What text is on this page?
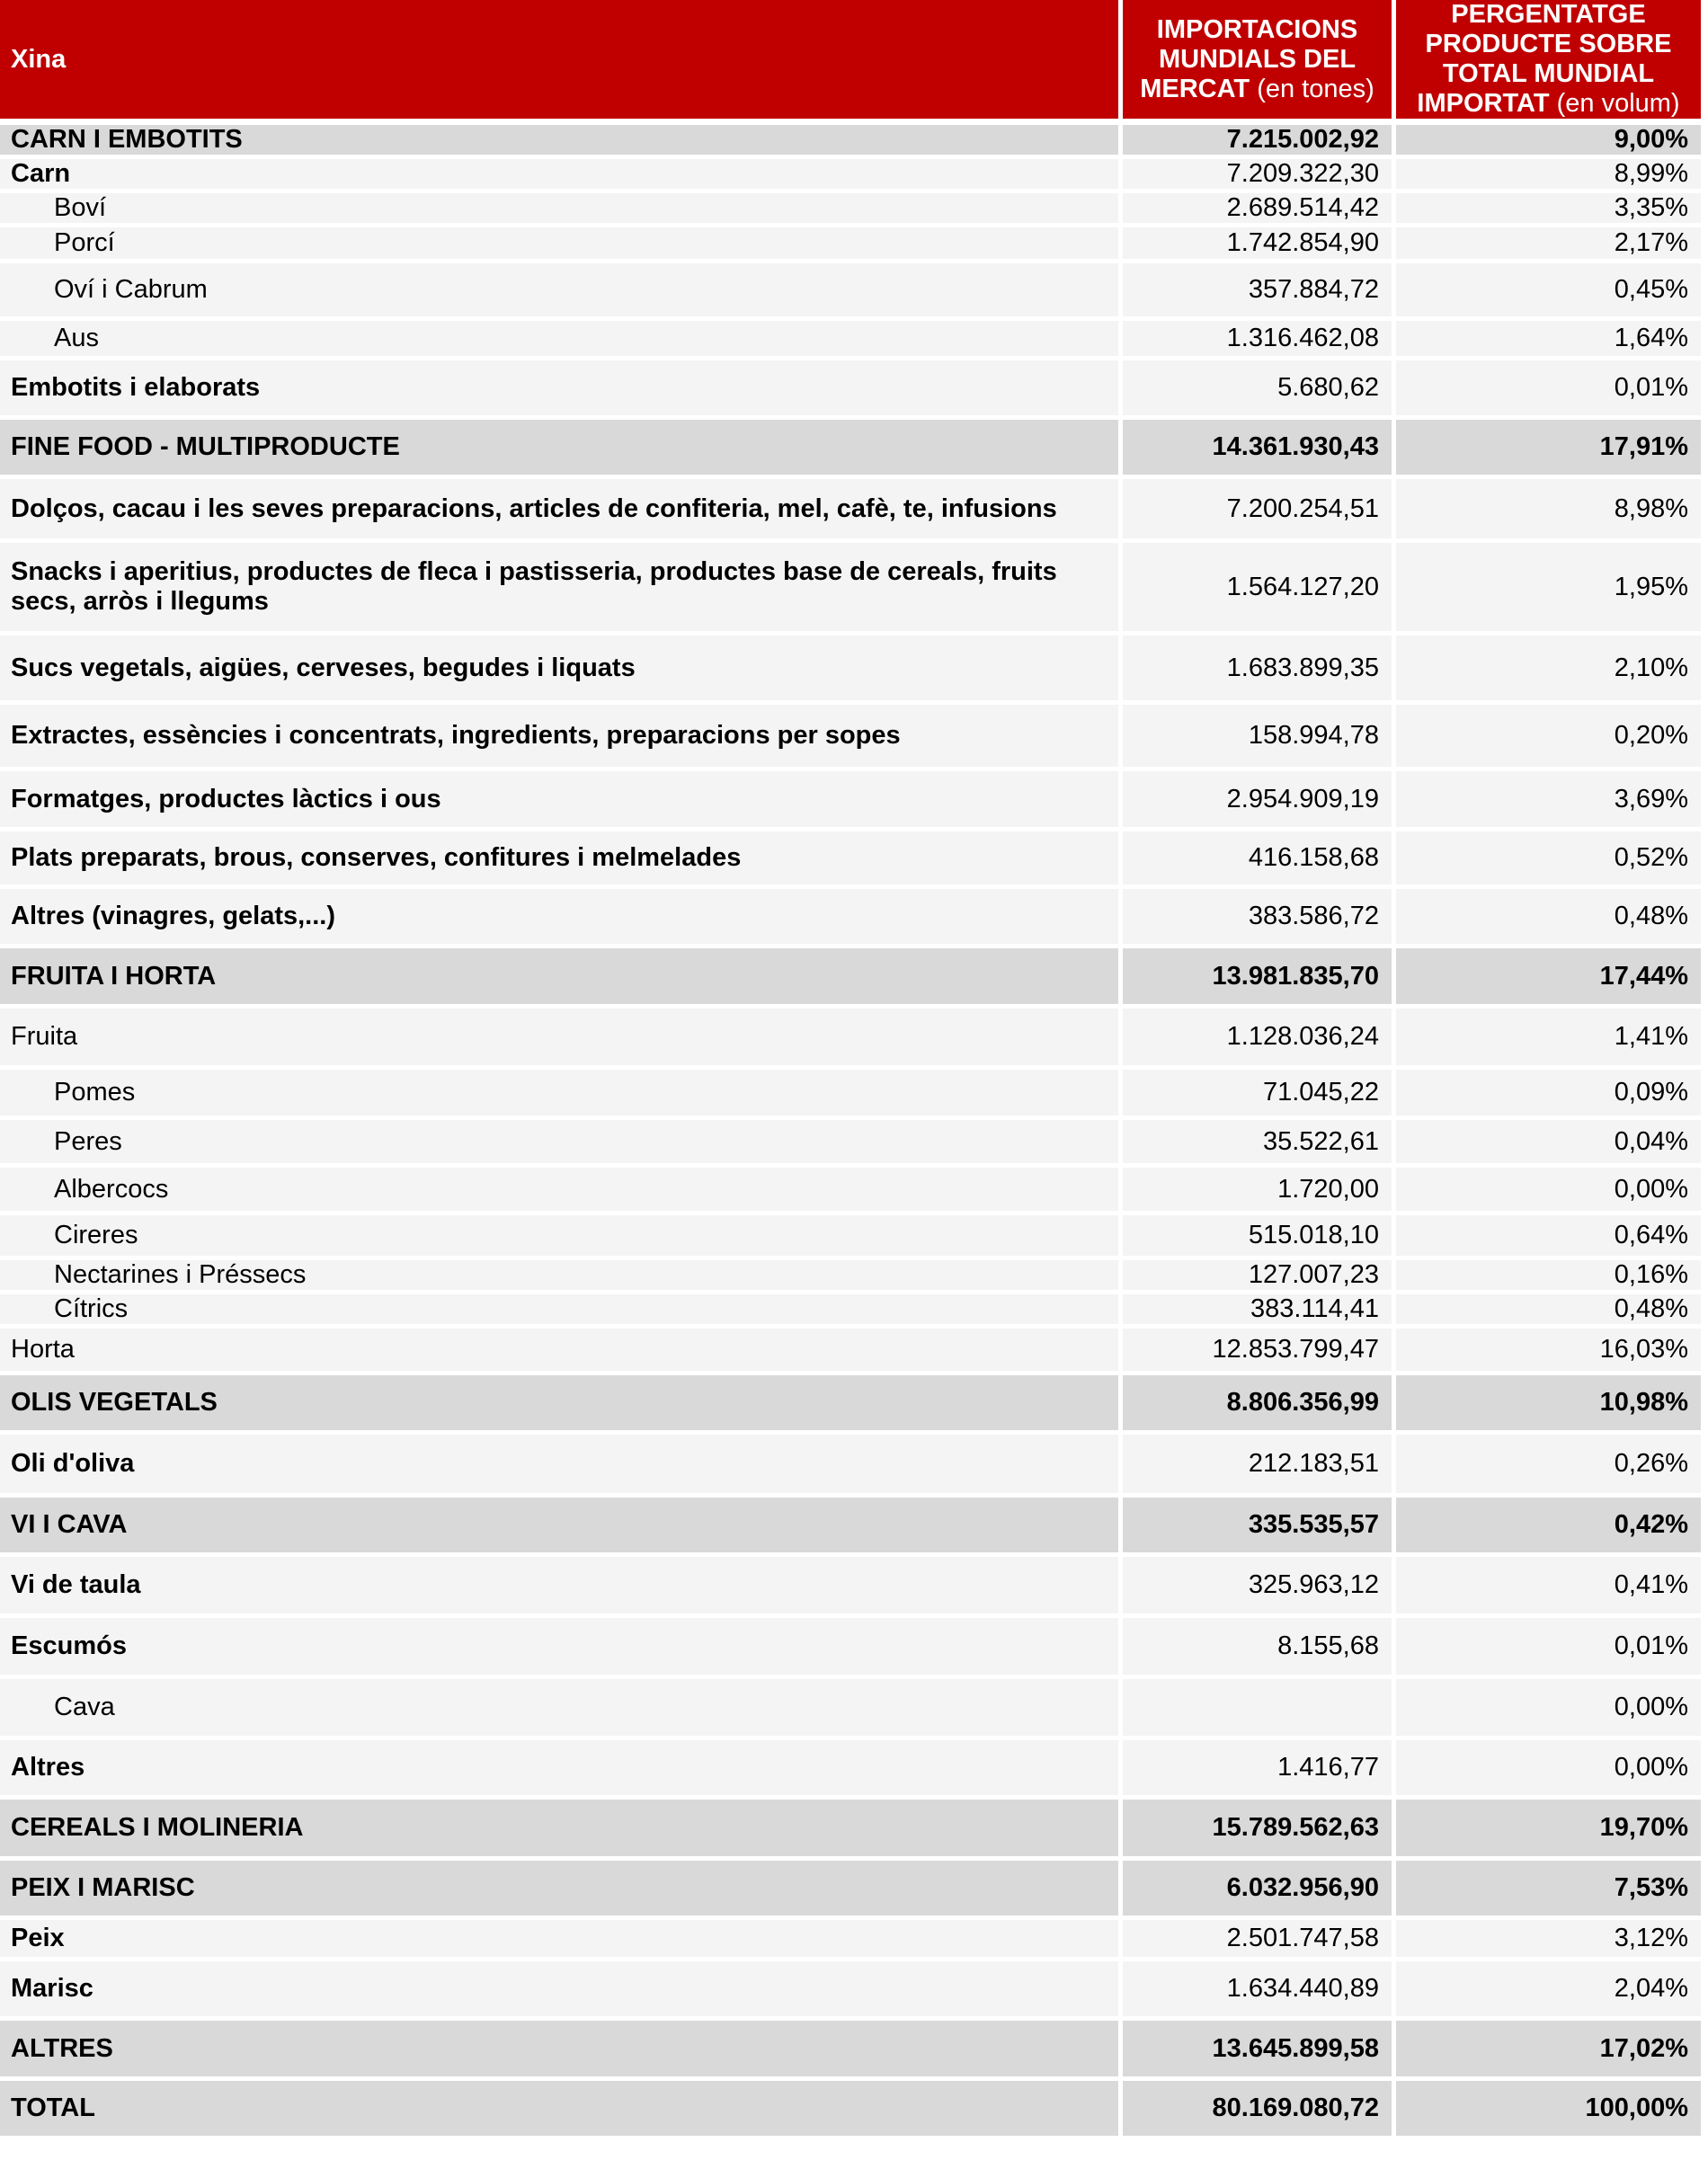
Xina	IMPORTACIONS MUNDIALS DEL MERCAT (en tones)	PERGENTATGE PRODUCTE SOBRE TOTAL MUNDIAL IMPORTAT (en volum)
CARN I EMBOTITS	7.215.002,92	9,00%
Carn	7.209.322,30	8,99%
Boví	2.689.514,42	3,35%
Porcí	1.742.854,90	2,17%
Oví i Cabrum	357.884,72	0,45%
Aus	1.316.462,08	1,64%
Embotits i elaborats	5.680,62	0,01%
FINE FOOD - MULTIPRODUCTE	14.361.930,43	17,91%
Dolços, cacau i les seves preparacions, articles de confiteria, mel, cafè, te, infusions	7.200.254,51	8,98%
Snacks i aperitius, productes de fleca i pastisseria, productes base de cereals, fruits secs, arròs i llegums	1.564.127,20	1,95%
Sucs vegetals, aigües, cerveses, begudes i liquats	1.683.899,35	2,10%
Extractes, essències i concentrats, ingredients, preparacions per sopes	158.994,78	0,20%
Formatges, productes làctics i ous	2.954.909,19	3,69%
Plats preparats, brous, conserves, confitures i melmelades	416.158,68	0,52%
Altres (vinagres, gelats,...)	383.586,72	0,48%
FRUITA I HORTA	13.981.835,70	17,44%
Fruita	1.128.036,24	1,41%
Pomes	71.045,22	0,09%
Peres	35.522,61	0,04%
Albercocs	1.720,00	0,00%
Cireres	515.018,10	0,64%
Nectarines i Préssecs	127.007,23	0,16%
Cítrics	383.114,41	0,48%
Horta	12.853.799,47	16,03%
OLIS VEGETALS	8.806.356,99	10,98%
Oli d'oliva	212.183,51	0,26%
VI I CAVA	335.535,57	0,42%
Vi de taula	325.963,12	0,41%
Escumós	8.155,68	0,01%
Cava		0,00%
Altres	1.416,77	0,00%
CEREALS I MOLINERIA	15.789.562,63	19,70%
PEIX I MARISC	6.032.956,90	7,53%
Peix	2.501.747,58	3,12%
Marisc	1.634.440,89	2,04%
ALTRES	13.645.899,58	17,02%
TOTAL	80.169.080,72	100,00%
